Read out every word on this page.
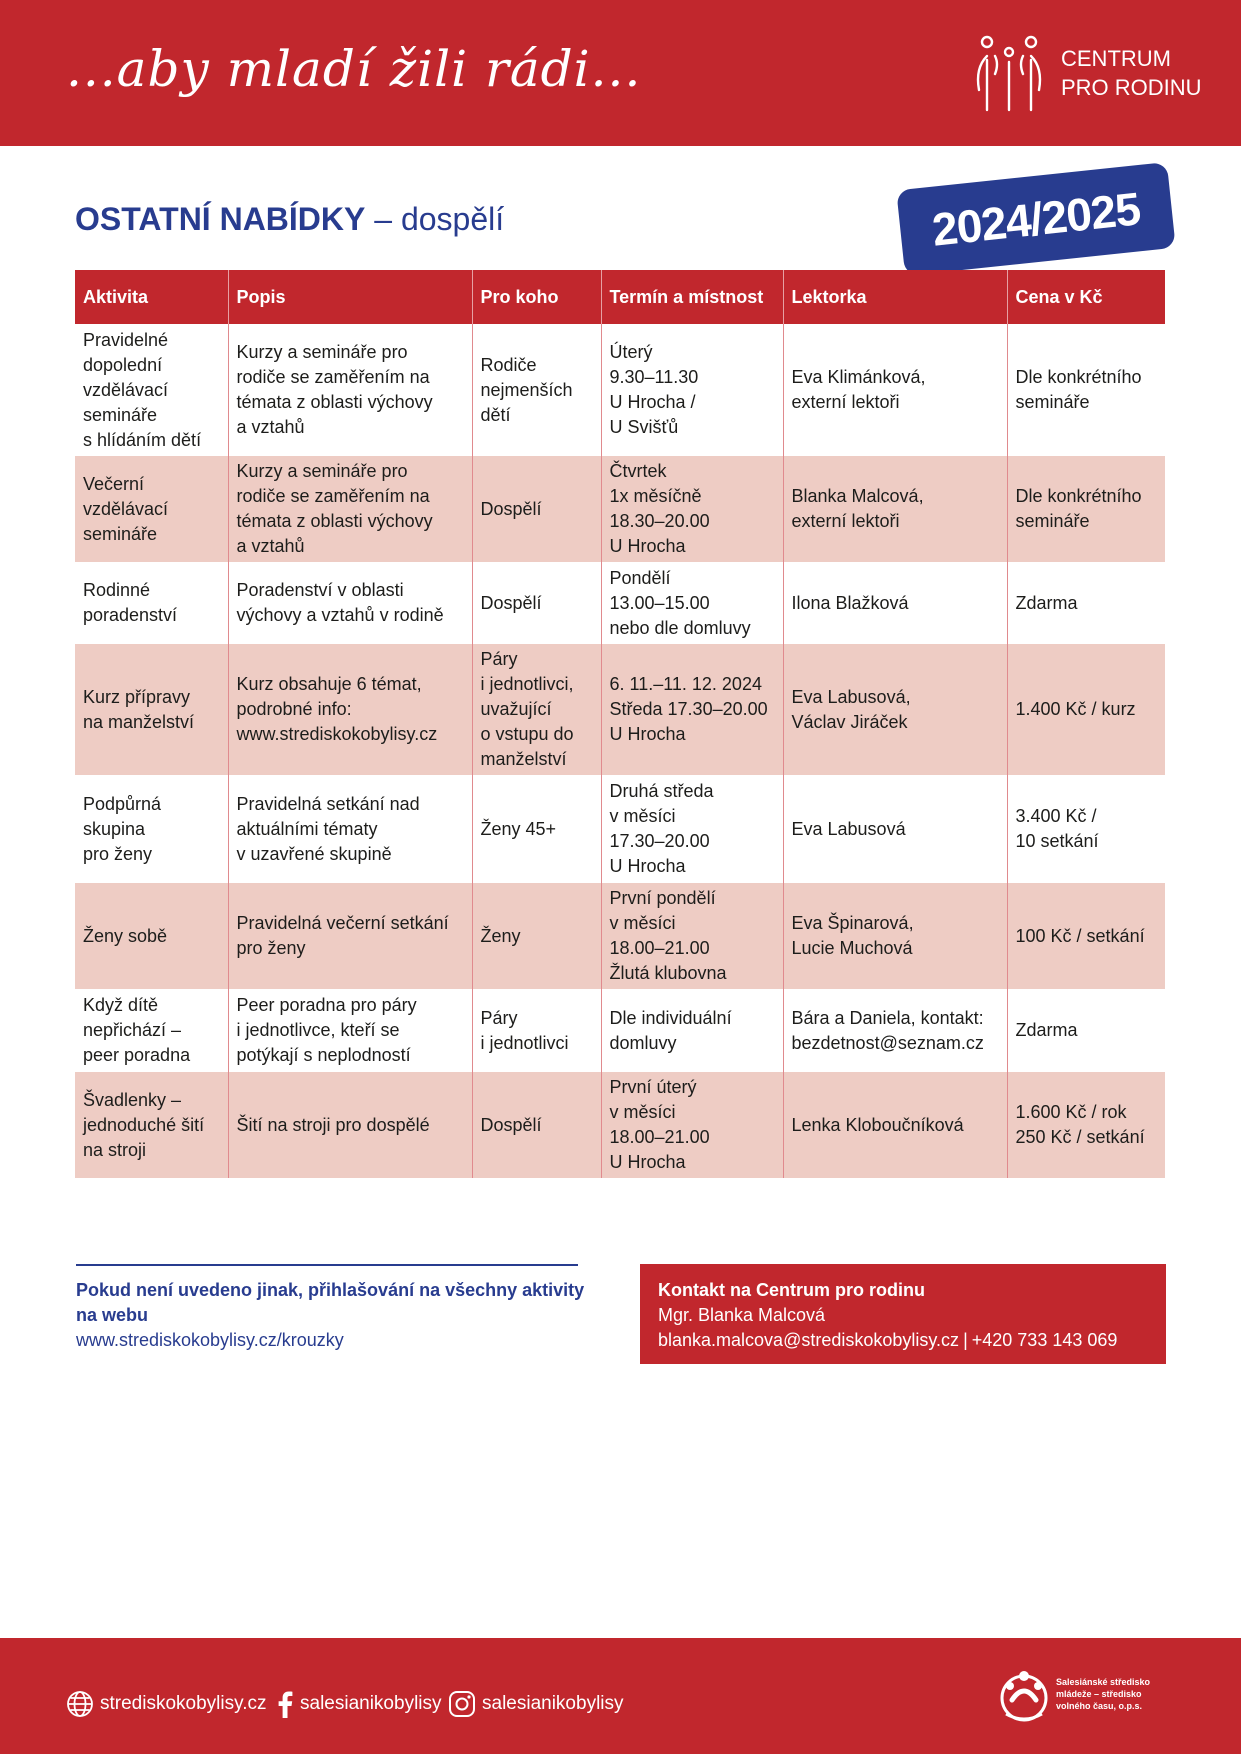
...aby mladí žili rádi...	CENTRUM
PRO RODINU
OSTATNÍ NABÍDKY – dospělí	2024/2025
Aktivita	Popis	Pro koho	Termín a místnost	Lektorka	Cena v Kč
Pravidelné
dopolední
vzdělávací
semináře
s hlídáním dětí	Kurzy a semináře pro
rodiče se zaměřením na
témata z oblasti výchovy
a vztahů	Rodiče
nejmenších
dětí	Úterý
9.30–11.30
U Hrocha /
U Svišťů	Eva Klimánková,
externí lektoři	Dle konkrétního
semináře
Večerní
vzdělávací
semináře	Kurzy a semináře pro
rodiče se zaměřením na
témata z oblasti výchovy
a vztahů	Dospělí	Čtvrtek
1x měsíčně
18.30–20.00
U Hrocha	Blanka Malcová,
externí lektoři	Dle konkrétního
semináře
Rodinné
poradenství	Poradenství v oblasti
výchovy a vztahů v rodině	Dospělí	Pondělí
13.00–15.00
nebo dle domluvy	Ilona Blažková	Zdarma
Kurz přípravy
na manželství	Kurz obsahuje 6 témat,
podrobné info:
www.strediskokobylisy.cz	Páry
i jednotlivci,
uvažující
o vstupu do
manželství	6. 11.–11. 12. 2024
Středa 17.30–20.00
U Hrocha	Eva Labusová,
Václav Jiráček	1.400 Kč / kurz
Podpůrná
skupina
pro ženy	Pravidelná setkání nad
aktuálními tématy
v uzavřené skupině	Ženy 45+	Druhá středa
v měsíci
17.30–20.00
U Hrocha	Eva Labusová	3.400 Kč /
10 setkání
Ženy sobě	Pravidelná večerní setkání
pro ženy	Ženy	První pondělí
v měsíci
18.00–21.00
Žlutá klubovna	Eva Špinarová,
Lucie Muchová	100 Kč / setkání
Když dítě
nepřichází –
peer poradna	Peer poradna pro páry
i jednotlivce, kteří se
potýkají s neplodností	Páry
i jednotlivci	Dle individuální
domluvy	Bára a Daniela, kontakt:
bezdetnost@seznam.cz	Zdarma
Švadlenky –
jednoduché šití
na stroji	Šití na stroji pro dospělé	Dospělí	První úterý
v měsíci
18.00–21.00
U Hrocha	Lenka Kloboučníková	1.600 Kč / rok
250 Kč / setkání
Pokud není uvedeno jinak, přihlašování na všechny aktivity na webu
www.strediskokobylisy.cz/krouzky
Kontakt na Centrum pro rodinu
Mgr. Blanka Malcová
blanka.malcova@strediskokobylisy.cz | +420 733 143 069
strediskokobylisy.cz salesianikobylisy salesianikobylisy
Salesiánské středisko
mládeže – středisko
volného času, o.p.s.
